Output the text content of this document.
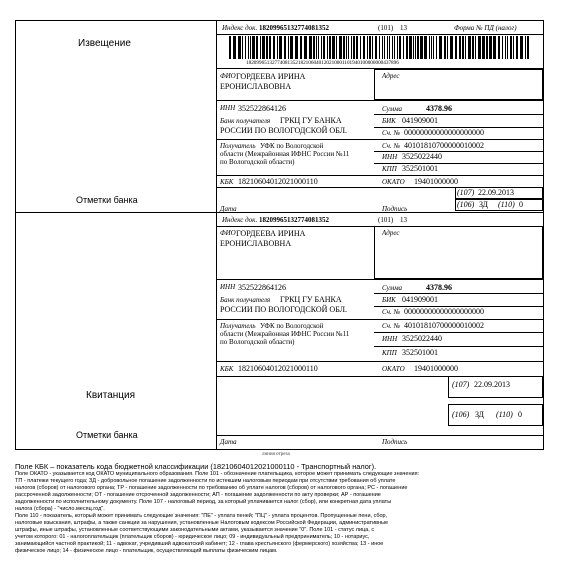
Извещение
Отметки банка
Индекс док. 18209965132774081352	(101) 13	Форма № ПД (налог)
18209965132774081352182106040120210001101940100000000437896
ФИО ГОРДЕЕВА ИРИНА
ЕРОНИСЛАВОВНА
Адрес
ИНН 352522864126	Сумма	4378.96
Банк получателя ГРКЦ ГУ БАНКА
РОССИИ ПО ВОЛОГОДСКОЙ ОБЛ.
БИК 041909001
Сч. № 00000000000000000000
Получатель УФК по Вологодской
области (Межрайонная ИФНС России №11
по Вологодской области)
Сч. № 40101810700000010002
ИНН 3525022440
КПП 352501001
КБК 18210604012021000110	ОКАТО 19401000000
(107) 22.09.2013
(106) ЗД (110) 0
Дата	Подпись
Квитанция
Отметки банка
Индекс док. 18209965132774081352	(101) 13
ФИО ГОРДЕЕВА ИРИНА
ЕРОНИСЛАВОВНА
Адрес
ИНН 352522864126	Сумма	4378.96
Банк получателя ГРКЦ ГУ БАНКА
РОССИИ ПО ВОЛОГОДСКОЙ ОБЛ.
БИК 041909001
Сч. № 00000000000000000000
Получатель УФК по Вологодской
области (Межрайонная ИФНС России №11
по Вологодской области)
Сч. № 40101810700000010002
ИНН 3525022440
КПП 352501001
КБК 18210604012021000110	ОКАТО 19401000000
(107) 22.09.2013
(106) ЗД (110) 0
Дата	Подпись
линия отреза
Поле КБК – показатель кода бюджетной классификации (18210604012021000110 - Транспортный налог).
Поле ОКАТО - указывается код ОКАТО муниципального образования. Поле 101 - обозначение плательщика, которое может принимать следующие значения:
ТП - платежи текущего года; ЗД - добровольное погашение задолженности по истекшим налоговым периодам при отсутствии требования об уплате
налогов (сборов) от налогового органа; ТР - погашение задолженности по требованию об уплате налогов (сборов) от налогового органа; РС - погашение
рассроченной задолженности; ОТ - погашение отсроченной задолженности; АП - погашение задолженности по акту проверки; АР - погашение
задолженности по исполнительному документу. Поле 107 - налоговый период, за который уплачивается налог (сбор), или конкретная дата уплаты
налога (сбора) - "число.месяц.год".
Поле 110 - показатель, который может принимать следующие значения: "ПЕ" - уплата пеней; "ПЦ" - уплата процентов. Пропущенные пени, сбор,
налоговые взыскания, штрафы, а также санкции за нарушения, установленные Налоговым кодексом Российской Федерации, административные
штрафы, иные штрафы, установленные соответствующими законодательными актами, указывается значение "0". Поле 101 - статус лица, с
учетом которого: 01 - налогоплательщик (плательщик сборов) - юридическое лицо; 09 - индивидуальный предприниматель; 10 - нотариус,
занимающийся частной практикой; 11 - адвокат, учредивший адвокатский кабинет; 12 - глава крестьянского (фермерского) хозяйства; 13 - иное
физическое лицо; 14 - физическое лицо - плательщик, осуществляющий выплаты физическим лицам.
